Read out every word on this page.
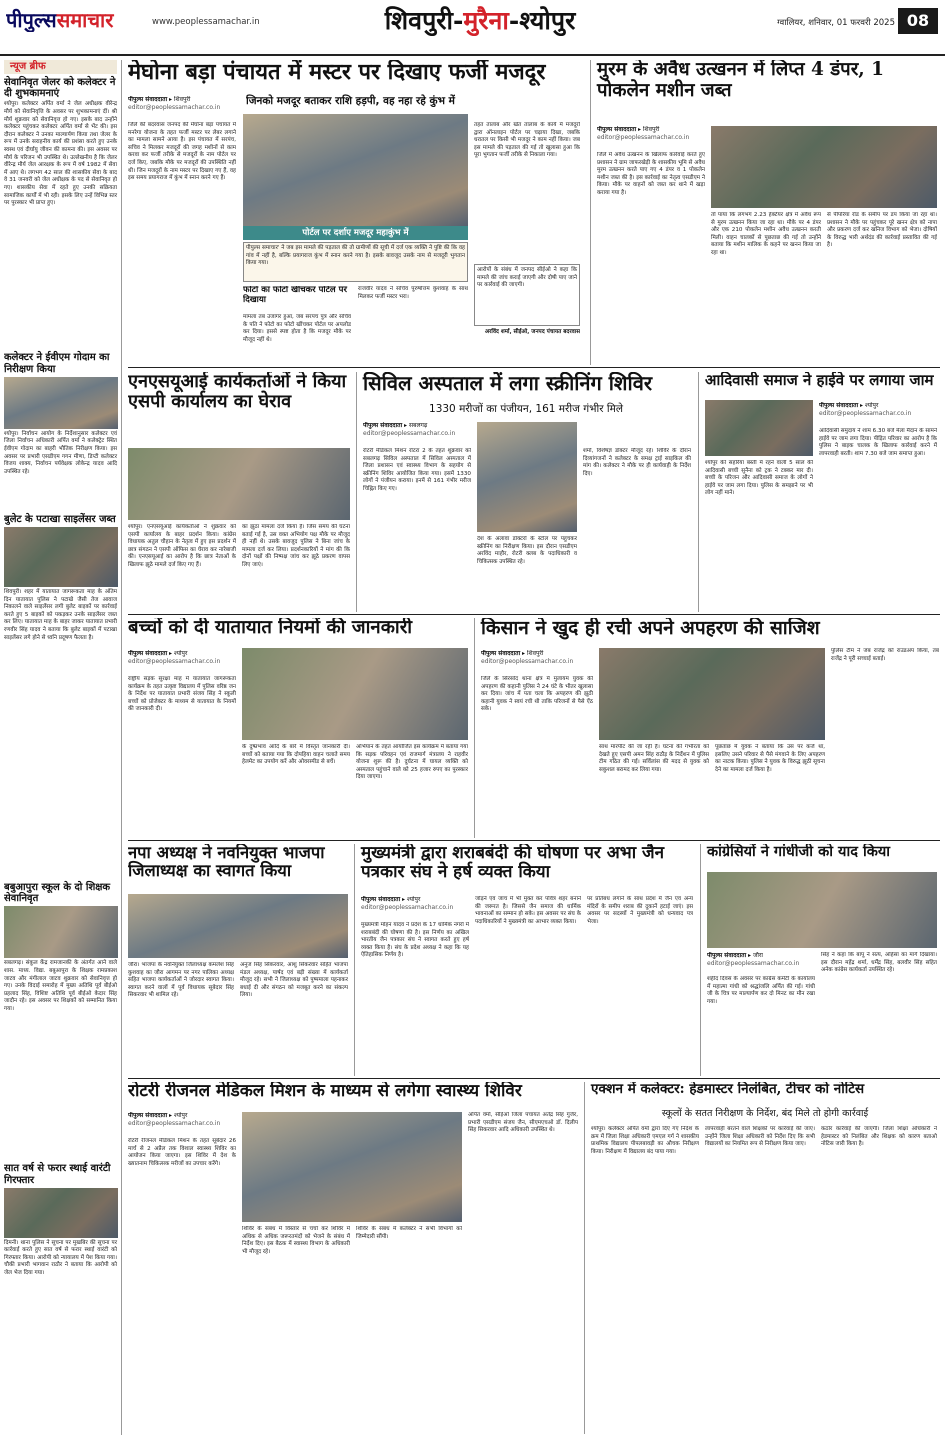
पीपुल्ससमाचार	www.peoplessamachar.in	शिवपुरी-मुरैना-श्योपुर	ग्वालियर, शनिवार, 01 फरवरी 2025 08
न्यूज ब्रीफ
सेवानिवृत जेलर को कलेक्टर ने दी शुभकामनाएं
श्योपुर। कलेक्टर अर्पित वर्मा ने जेल अधीक्षक वीरेन्द्र मौर्य को सेवानिवृत्ति के अवसर पर शुभकामनाएं दीं। श्री मौर्य शुक्रवार को सेवानिवृत्त हो गए। इसके बाद उन्होंने कलेक्टर पहुंचकर कलेक्टर अर्पित वर्मा से भेंट की। इस दौरान कलेक्टर ने उनका माल्यार्पण किया तथा जेलर के रूप में उनके सराहनीय कार्य की प्रशंसा करते हुए उनके स्वस्थ एवं दीर्घायु जीवन की कामना की। इस अवसर पर मौर्य के परिजन भी उपस्थित थे। उल्लेखनीय है कि जेलर वीरेन्द्र मौर्य जेल आरक्षक के रूप में वर्ष 1982 में सेवा में आए थे। लगभग 42 साल की शासकीय सेवा के बाद वे 31 जनवरी को जेल अधीक्षक के पद से सेवानिवृत हो गए। शासकीय सेवा में रहते हुए उनकी सक्रियता सामाजिक कार्यों में भी रही। इसके लिए उन्हें विभिन्न स्तर पर पुरस्कार भी प्राप्त हुए।
कलेक्टर ने ईवीएम गोदाम का निरीक्षण किया
श्योपुर। निर्वाचन आयोग के निर्देशानुसार कलेक्टर एवं जिला निर्वाचन अधिकारी अर्पित वर्मा ने कलेक्ट्रेट स्थित ईवीएम गोदाम का बाहरी भौतिक निरीक्षण किया। इस अवसर पर प्रभारी एसडीएम गगन मीणा, डिप्टी कलेक्टर विजय शाक्य, निर्वाचन पर्यवेक्षक लोकेन्द्र यादव आदि उपस्थित रहे।
बुलेट के पटाखा साइलेंसर जब्त
शिवपुरी। शहर में यातायात जागरूकता माह के अंतिम दिन यातायात पुलिस ने पटाखे जैसी तेज आवाज निकालने वाले साइलेंसर लगी बुलेट बाइकों पर कार्रवाई करते हुए 5 बाइकों को पकड़कर उनके साइलेंसर जब्त कर लिए। यातायात माह के बाहर जाकर यातायात प्रभारी रणवीर सिंह यादव ने बताया कि बुलेट बाइकों में पटाखा साइलेंसर लगे होने से ध्वनि प्रदूषण फैलता है।
बबुआपुरा स्कूल के दो शिक्षक सेवानिवृत
सबलगढ़। संकुल केंद्र रामजानकी के अंतर्गत आने वाले शास. माध्य. विद्या. बबुआपुरा के शिक्षक रामप्रकाश जाटव और मंगीलाल जाटव शुक्रवार को सेवानिवृत्त हो गए। उनके विदाई समारोह में मुख्य अतिथि पूर्व बीईओ प्रहलाद सिंह, विशिष्ट अतिथि पूर्व बीईओ केदार सिंह जादौन रहे। इस अवसर पर शिक्षकों को सम्मानित किया गया।
सात वर्ष से फरार स्थाई वारंटी गिरफ्तार
दिमनी। थाना पुलिस ने सूचना पर मुखबिर की सूचना पर कार्रवाई करते हुए सात वर्ष से फरार स्थाई वारंटी को गिरफ्तार किया। आरोपी को न्यायालय में पेश किया गया। चौकी प्रभारी भागवान राठौर ने बताया कि आरोपी को जेल भेज दिया गया।
मेघोना बड़ा पंचायत में मस्टर पर दिखाए फर्जी मजदूर
पीपुल्स संवाददाता ▸ शिवपुरी
editor@peoplessamachar.co.in
जिनको मजदूर बताकर राशि हड़पी, वह नहा रहे कुंभ में
जिले की बदरवास जनपद की मेघोना बड़ा पंचायत में मनरेगा योजना के तहत फर्जी मस्टर पर लेबर लगाने का मामला सामने आया है। इस पंचायत में सरपंच, सचिव ने मिलकर मजदूरों की जगह मशीनों से काम करवा कर फर्जी तरीके से मजदूरों के नाम पोर्टल पर दर्ज किए, जबकि मौके पर मजदूरों की उपस्थिति नहीं थी। जिन मजदूरों के नाम मस्टर पर दिखाए गए हैं, वह इस समय प्रयागराज में कुंभ में स्नान करने गए हैं।
पोर्टल पर दर्शाए मजदूर महाकुंभ में
पीपुल्स समाचार' ने जब इस मामले की पड़ताल की तो ग्रामीणों की सूची में दर्ज एक व्यक्ति ने पुष्टि की कि वह गांव में नहीं है, बल्कि प्रयागराज कुंभ में स्नान करने गया है। इसके बावजूद उसके नाम से मजदूरी भुगतान किया गया।
फोटो का फोटो खींचकर पोर्टल पर दिखाया
मामला तब उजागर हुआ, जब सरपंच पुत्र और सचिव के पति ने फोटो का फोटो खींचकर पोर्टल पर अपलोड कर दिया। इससे स्पष्ट होता है कि मजदूर मौके पर मौजूद नहीं थे।
राजवीर यादव ने सचिव पुरुषोत्तम कुशवाह के साथ मिलकर फर्जी मस्टर भरा।
तहत तालाब और खेत तालाब के कार्य में मजदूरों द्वारा ऑनलाइन पोर्टल पर चढ़ाया दिखा, जबकि धरातल पर किसी भी मजदूर ने काम नहीं किया। जब इस मामले की पड़ताल की गई तो खुलासा हुआ कि पूरा भुगतान फर्जी तरीके से निकाला गया।
आरोपों के संबंध में जनपद सीईओ ने कहा कि मामले की जांच कराई जाएगी और दोषी पाए जाने पर कार्रवाई की जाएगी।
अरविंद शर्मा, सीईओ, जनपद पंचायत बदरवास
मुरम के अवैध उत्खनन में लिप्त 4 डंपर, 1 पोकलेन मशीन जब्त
पीपुल्स संवाददाता ▸ शिवपुरी
editor@peoplessamachar.co.in
जिले में अवैध उत्खनन के खिलाफ कार्रवाई करते हुए प्रशासन ने ग्राम जाफरखेड़ी के शासकीय भूमि से अवैध मुरम उत्खनन करते पाए गए 4 डंपर व 1 पोकलेन मशीन जब्त की है। इस कार्रवाई का नेतृत्व एसडीएम ने किया। मौके पर वाहनों को जब्त कर थाने में खड़ा कराया गया है।
तो पाया कि लगभग 2.23 हेक्टेयर क्षेत्र में अवैध रूप से मुरम उत्खनन किया जा रहा था। मौके पर 4 डंपर और एक 210 पोकलेन मशीन अवैध उत्खनन करती मिली। वाहन चालकों से पूछताछ की गई तो उन्होंने बताया कि मशीन मालिक के कहने पर खनन किया जा रहा था।
से पीपरिया रोड के समीप पर डंप किया जा रहा था। प्रशासन ने मौके पर पहुंचकर पूरे खनन क्षेत्र को नापा और प्रकरण दर्ज कर खनिज विभाग को भेजा। दोषियों के विरुद्ध भारी अर्थदंड की कार्रवाई प्रस्तावित की गई है।
एनएसयूआई कार्यकर्ताओं ने किया एसपी कार्यालय का घेराव
श्योपुर। एनएसयूआई कार्यकर्ताओं ने शुक्रवार को एसपी कार्यालय के बाहर प्रदर्शन किया। कांग्रेस विधायक अतुल चौहान के नेतृत्व में हुए इस प्रदर्शन में छात्र संगठन ने एसपी ऑफिस का घेराव कर नारेबाजी की। एनएसयूआई का आरोप है कि छात्र नेताओं के खिलाफ झूठे मामले दर्ज किए गए हैं।
का झूठा मामला दर्ज किया है। जिस समय की घटना बताई गई है, उस वक्त अभियोग पक्ष मौके पर मौजूद ही नहीं थे। उसके बावजूद पुलिस ने बिना जांच के मामला दर्ज कर लिया। प्रदर्शनकारियों ने मांग की कि दोनों पक्षों की निष्पक्ष जांच कर झूठे प्रकरण वापस लिए जाएं।
सिविल अस्पताल में लगा स्क्रीनिंग शिविर
1330 मरीजों का पंजीयन, 161 मरीज गंभीर मिले
पीपुल्स संवाददाता ▸ सबलगढ़
editor@peoplessamachar.co.in
रोटरी मेडिकल मिशन रोटरा 2 के तहत शुक्रवार को सबलगढ़ सिविल अस्पताल में सिविल अस्पताल में जिला प्रशासन एवं स्वास्थ्य विभाग के सहयोग से स्क्रीनिंग शिविर आयोजित किया गया। इसमें 1330 लोगों ने पंजीयन कराया। इनमें से 161 गंभीर मरीज चिह्नित किए गए।
देश के अलावा डॉक्टरों के स्टॉल पर पहुंचकर स्क्रीनिंग का निरीक्षण किया। इस दौरान एसडीएम अरविंद माहौर, रोटरी क्लब के पदाधिकारी व चिकित्सक उपस्थित रहे।
शर्मा, विशेषज्ञ डॉक्टर मौजूद रहे। शिविर के दौरान दिव्यांगजनों ने कलेक्टर के समक्ष ट्राई साइकिल की मांग की। कलेक्टर ने मौके पर ही कार्यवाही के निर्देश दिए।
आदिवासी समाज ने हाईवे पर लगाया जाम
पीपुल्स संवाददाता ▸ श्योपुर
editor@peoplessamachar.co.in
श्योपुर की सहरिया बस्ती में रहने वाली 5 साल की आदिवासी बच्ची सुनैना को ट्रक ने टक्कर मार दी। बच्ची के परिजन और आदिवासी समाज के लोगों ने हाईवे पर जाम लगा दिया। पुलिस के समझाने पर भी लोग नहीं माने।
आदिवासी समुदाय ने शाम 6.30 बजे मेला मैदान के सामने हाईवे पर जाम लगा दिया। पीड़ित परिवार का आरोप है कि पुलिस ने बाइक चालक के खिलाफ कार्रवाई करने में लापरवाही बरती। शाम 7.30 बजे जाम समाप्त हुआ।
बच्चों को दी यातायात नियमों की जानकारी
पीपुल्स संवाददाता ▸ श्योपुर
editor@peoplessamachar.co.in
राष्ट्रीय सड़क सुरक्षा माह में यातायात जागरूकता कार्यक्रम के तहत उत्कृष्ट विद्यालय में पुलिस वरिष्ठ जन के निर्देश पर यातायात प्रभारी संजय सिंह ने स्कूली बच्चों को प्रोजेक्टर के माध्यम से यातायात के नियमों की जानकारी दी।
के दुष्प्रभाव आदि के बारे में विस्तृत जानकारी दी। बच्चों को बताया गया कि दोपहिया वाहन चलाते समय हेलमेट का उपयोग करें और ओवरस्पीड से बचें।
अभियान के तहत आयोजित इस कार्यक्रम में बताया गया कि सड़क परिवहन एवं राजमार्ग मंत्रालय ने राहवीर योजना शुरू की है। दुर्घटना में घायल व्यक्ति को अस्पताल पहुंचाने वाले को 25 हजार रुपए का पुरस्कार दिया जाएगा।
किसान ने खुद ही रची अपने अपहरण की साजिश
पीपुल्स संवाददाता ▸ शिवपुरी
editor@peoplessamachar.co.in
जिले के सिरसोद थाना क्षेत्र में मुलायम युवक की अपहरण की कहानी पुलिस ने 24 घंटे के भीतर खुलासा कर दिया। जांच में पता चला कि अपहरण की झूठी कहानी युवक ने स्वयं रची थी ताकि परिजनों से पैसे ऐंठ सके।
साथ मारपीट की जा रही है। घटना की गंभीरता को देखते हुए एसपी अमन सिंह राठौड़ के निर्देशन में पुलिस टीम गठित की गई। सर्विलांस की मदद से युवक को सकुशल बरामद कर लिया गया।
पूछताछ में युवक ने बताया कि उस पर कर्ज था, इसलिए उसने परिवार से पैसे मंगवाने के लिए अपहरण का नाटक किया। पुलिस ने युवक के विरुद्ध झूठी सूचना देने का मामला दर्ज किया है।
पुलिस टीम ने जब राजेंद्र को राउंडअप किया, तब राजेंद्र ने पूरी सच्चाई बताई।
नपा अध्यक्ष ने नवनियुक्त भाजपा जिलाध्यक्ष का स्वागत किया
जौरा। भाजपा के नवनियुक्त जिलाध्यक्ष कमलेश सिंह कुशवाह का जौरा आगमन पर नगर पालिका अध्यक्ष सहित भाजपा कार्यकर्ताओं ने जोरदार स्वागत किया। स्वागत करने वालों में पूर्व विधायक सूबेदार सिंह सिकरवार भी शामिल रहे।
अनुज सिंह सिकरवार, आशु सिकरवार सहित भाजपा मंडल अध्यक्ष, पार्षद एवं बड़ी संख्या में कार्यकर्ता मौजूद रहे। सभी ने जिलाध्यक्ष को पुष्पमाला पहनाकर बधाई दी और संगठन को मजबूत करने का संकल्प लिया।
मुख्यमंत्री द्वारा शराबबंदी की घोषणा पर अभा जैन पत्रकार संघ ने हर्ष व्यक्त किया
पीपुल्स संवाददाता ▸ श्योपुर
editor@peoplessamachar.co.in
मुख्यमंत्री मोहन यादव ने प्रदेश के 17 धार्मिक नगरों में शराबबंदी की घोषणा की है। इस निर्णय का अखिल भारतीय जैन पत्रकार संघ ने स्वागत करते हुए हर्ष व्यक्त किया है। संघ के प्रदेश अध्यक्ष ने कहा कि यह ऐतिहासिक निर्णय है।
जोड़ने एवं जांच में भी मुक्त कर पवित्र शहर बनाने की जरूरत है। जिससे जैन समाज की धार्मिक भावनाओं का सम्मान हो सके। इस अवसर पर संघ के पदाधिकारियों ने मुख्यमंत्री का आभार व्यक्त किया।
पर प्रतिबंध लगाने के साथ प्रदेश में जैन एवं अन्य मंदिरों के समीप शराब की दुकानें हटाई जाएं। इस अवसर पर सदस्यों ने मुख्यमंत्री को धन्यवाद पत्र भेजा।
कांग्रेसियों ने गांधीजी को याद किया
पीपुल्स संवाददाता ▸ जौरा
editor@peoplessamachar.co.in
शहीद दिवस के अवसर पर कांग्रेस कमेटी के कार्यालय में महात्मा गांधी को श्रद्धांजलि अर्पित की गई। गांधी जी के चित्र पर माल्यार्पण कर दो मिनट का मौन रखा गया।
सिंह ने कहा कि बापू ने सत्य, अहिंसा का मार्ग दिखाया। इस दौरान महेंद्र शर्मा, धर्मेंद्र सिंह, बलवीर सिंह सहित अनेक कांग्रेस कार्यकर्ता उपस्थित रहे।
रोटरी रीजनल मेडिकल मिशन के माध्यम से लगेगा स्वास्थ्य शिविर
पीपुल्स संवाददाता ▸ श्योपुर
editor@peoplessamachar.co.in
रोटरी रीजनल मेडिकल मिशन के तहत सूबेदार 26 मार्च से 2 अप्रैल तक विशाल स्वास्थ्य शिविर का आयोजन किया जाएगा। इस शिविर में देश के ख्यातनाम चिकित्सक मरीजों का उपचार करेंगे।
शिविर के संबंध में विस्तार से चर्चा कर शिविर में अधिक से अधिक जरूरतमंदों को भेजने के संबंध में निर्देश दिए। इस बैठक में स्वास्थ्य विभाग के अधिकारी भी मौजूद रहे।
शिविर के संबंध में कलेक्टर ने सभी विभागों को जिम्मेदारी सौंपी।
अर्पित वर्मा, सीईओ जिला पंचायत अतेंद्र सिंह गुर्जर, प्रभारी एसडीएम संजय जैन, सीएमएचओ डॉ. दिलीप सिंह सिकरवार आदि अधिकारी उपस्थित थे।
एक्शन में कलेक्टर: हेडमास्टर निलंबित, टीचर को नोटिस
स्कूलों के सतत निरीक्षण के निर्देश, बंद मिले तो होगी कार्रवाई
श्योपुर। कलेक्टर अर्पित वर्मा द्वारा दिए गए निर्देश के क्रम में जिला शिक्षा अधिकारी एमएल गर्ग ने शासकीय प्राथमिक विद्यालय पीपलबावड़ी का औचक निरीक्षण किया। निरीक्षण में विद्यालय बंद पाया गया।
लापरवाही बरतने वाले शिक्षकों पर कार्रवाई की जाए। उन्होंने जिला शिक्षा अधिकारी को निर्देश दिए कि सभी विद्यालयों का नियमित रूप से निरीक्षण किया जाए।
कठोर कार्रवाई की जाएगी। जिला शिक्षा अधिकारी ने हेडमास्टर को निलंबित और शिक्षक को कारण बताओ नोटिस जारी किया है।
